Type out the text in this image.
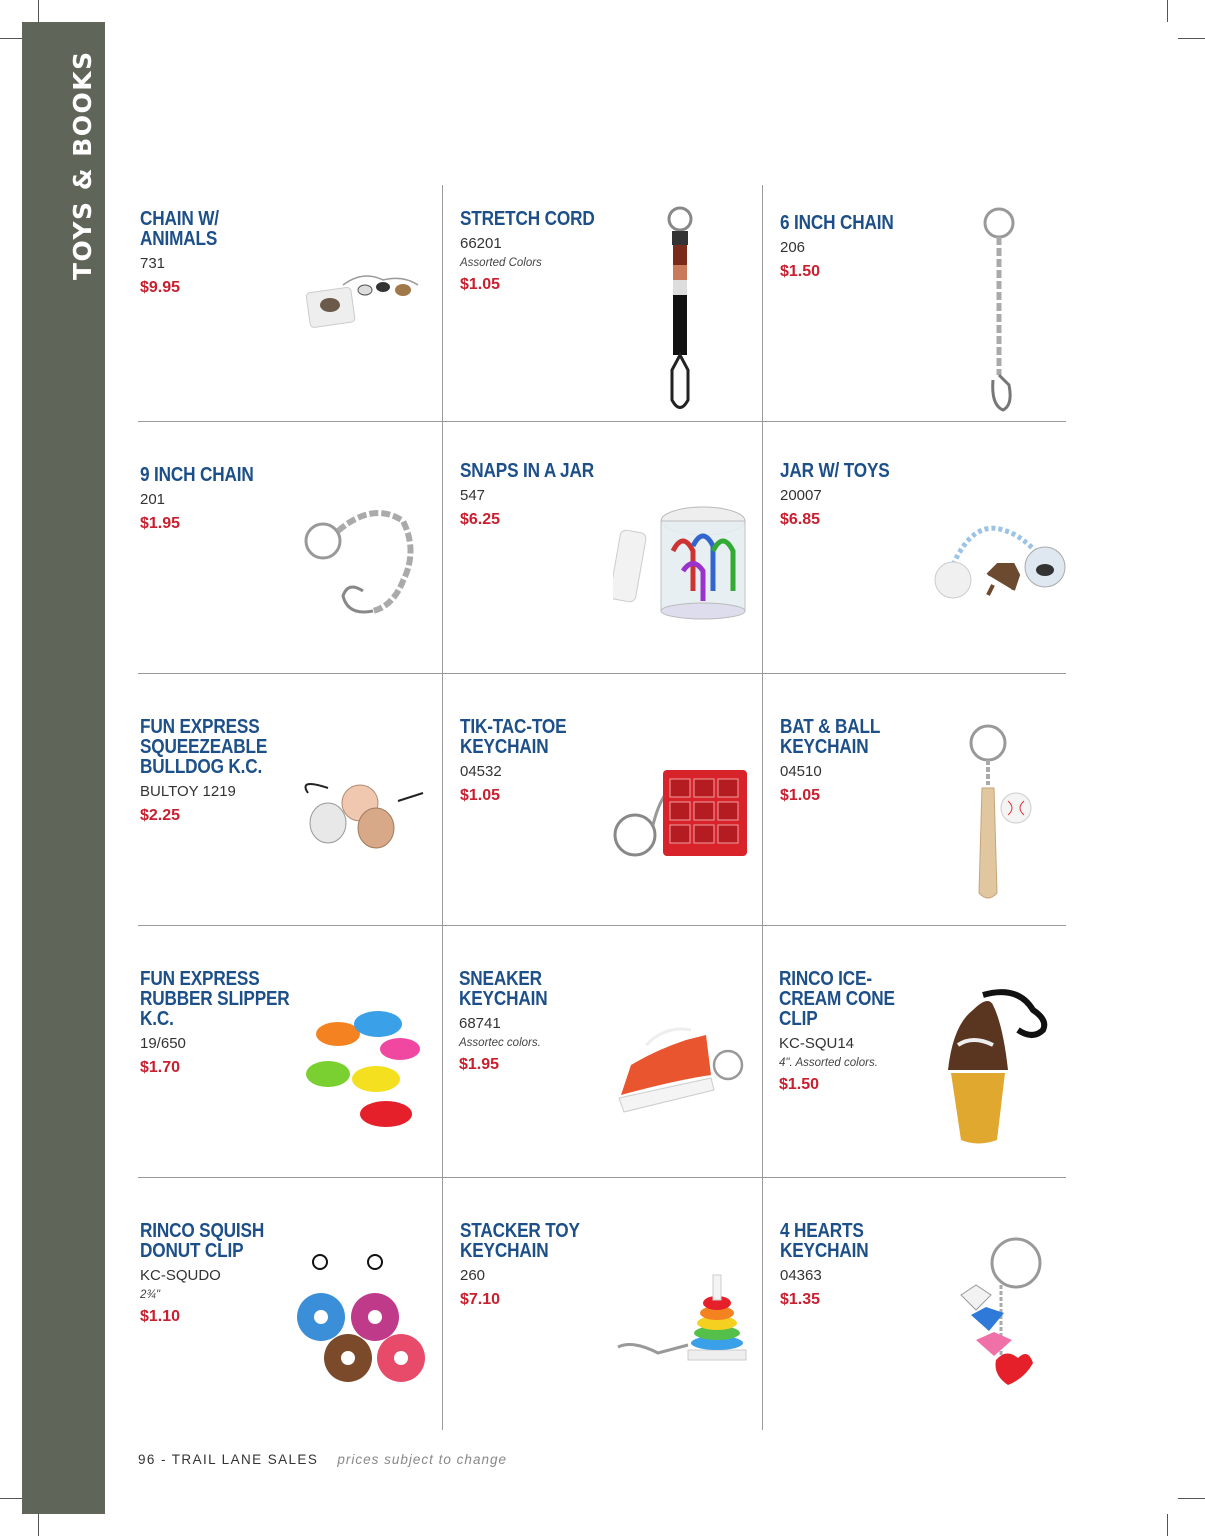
TOYS & BOOKS	CHAIN W/ ANIMALS
731
$9.95
STRETCH CORD
66201
Assorted Colors
$1.05
6 INCH CHAIN
206
$1.50
9 INCH CHAIN
201
$1.95
SNAPS IN A JAR
547
$6.25
JAR W/ TOYS
20007
$6.85
FUN EXPRESS SQUEEZEABLE BULLDOG K.C.
BULTOY 1219
$2.25
TIK-TAC-TOE KEYCHAIN
04532
$1.05
BAT & BALL KEYCHAIN
04510
$1.05
FUN EXPRESS RUBBER SLIPPER K.C.
19/650
$1.70
SNEAKER KEYCHAIN
68741
Assortec colors.
$1.95
RINCO ICE-CREAM CONE CLIP
KC-SQU14
4". Assorted colors.
$1.50
RINCO SQUISH DONUT CLIP
KC-SQUDO
2¾"
$1.10
STACKER TOY KEYCHAIN
260
$7.10
4 HEARTS KEYCHAIN
04363
$1.35
96 - TRAIL LANE SALES prices subject to change
